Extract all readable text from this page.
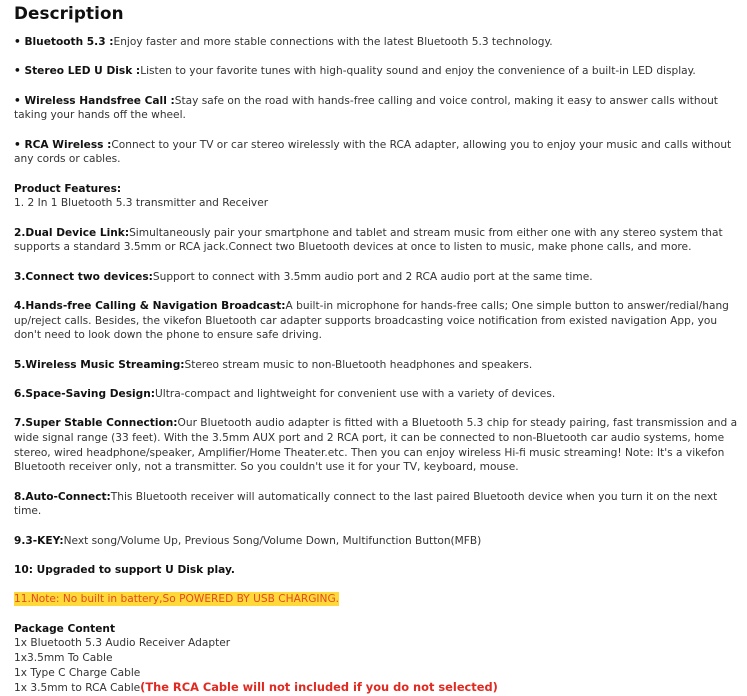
Description

• Bluetooth 5.3 :Enjoy faster and more stable connections with the latest Bluetooth 5.3 technology.

• Stereo LED U Disk :Listen to your favorite tunes with high-quality sound and enjoy the convenience of a built-in LED display.

• Wireless Handsfree Call :Stay safe on the road with hands-free calling and voice control, making it easy to answer calls without taking your hands off the wheel.

• RCA Wireless :Connect to your TV or car stereo wirelessly with the RCA adapter, allowing you to enjoy your music and calls without any cords or cables.

Product Features:

1. 2 In 1 Bluetooth 5.3 transmitter and Receiver

2.Dual Device Link:Simultaneously pair your smartphone and tablet and stream music from either one with any stereo system that supports a standard 3.5mm or RCA jack.Connect two Bluetooth devices at once to listen to music, make phone calls, and more.

3.Connect two devices:Support to connect with 3.5mm audio port and 2 RCA audio port at the same time.

4.Hands-free Calling & Navigation Broadcast:A built-in microphone for hands-free calls; One simple button to answer/redial/hang up/reject calls. Besides, the vikefon Bluetooth car adapter supports broadcasting voice notification from existed navigation App, you don't need to look down the phone to ensure safe driving.

5.Wireless Music Streaming:Stereo stream music to non-Bluetooth headphones and speakers.

6.Space-Saving Design:Ultra-compact and lightweight for convenient use with a variety of devices.

7.Super Stable Connection:Our Bluetooth audio adapter is fitted with a Bluetooth 5.3 chip for steady pairing, fast transmission and a wide signal range (33 feet). With the 3.5mm AUX port and 2 RCA port, it can be connected to non-Bluetooth car audio systems, home stereo, wired headphone/speaker, Amplifier/Home Theater.etc. Then you can enjoy wireless Hi-fi music streaming! Note: It's a vikefon Bluetooth receiver only, not a transmitter. So you couldn't use it for your TV, keyboard, mouse.

8.Auto-Connect:This Bluetooth receiver will automatically connect to the last paired Bluetooth device when you turn it on the next time.

9.3-KEY:Next song/Volume Up, Previous Song/Volume Down, Multifunction Button(MFB)

10: Upgraded to support U Disk play.

11.Note: No built in battery,So POWERED BY USB CHARGING.

Package Content

1x Bluetooth 5.3 Audio Receiver Adapter

1x3.5mm To Cable

1x Type C Charge Cable

1x 3.5mm to RCA Cable(The RCA Cable will not included if you do not selected)
